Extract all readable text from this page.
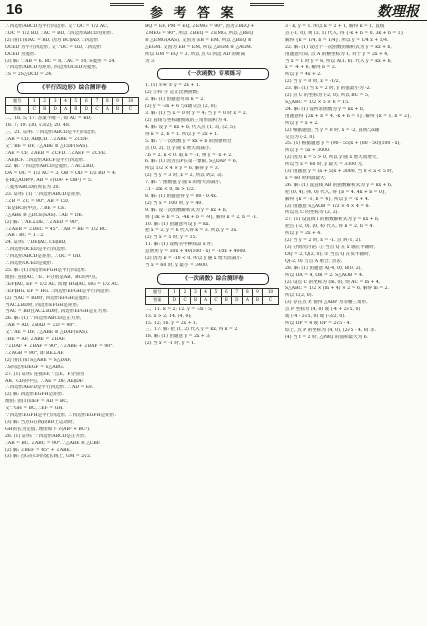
16	参 考 答 案	数理报
∴四边形ABCD为平行四边形. 又∵OC = 1/2 AC,
∴OC = 1/2 BD, ∴AC = BD, ∴四边形ABCD为矩形.
(2) 由(1)知AC = BD, 因为 BC∥AD, ∴四边形
OCED 为平行四边形, 又∵OC = OD, ∴四边形
OCED 为菱形.
(3) 解: ∵AB = 6, BC = 8, ∴AC = 10, S菱形 = 24.
∵四边形ABCD为矩形, 四边形OCED为菱形,
∴S = 2S△OCD = 24.
《平行四边形》综合测评卷
题号	1	2	3	4	5	6	7	8	9	10
答案	C	B	D	A	B	D	C	A	B	C
二、16. 5; 17. 答案不唯一, 如 AC = BD;
18. 7; 19. (30, √3/2); 20. 48.
三、21. 证明: ∵四边形ABCD是平行四边形,
∴AB = CD, AB∥CD. ∴∠ABE = ∠CDF.
又∵BE = DF, ∴△ABE ≌ △CDF(SAS).
∴AE = CF, ∠AEB = ∠CFD. ∴∠AEF = ∠CFE.
∴AE∥CF. ∴四边形AECF是平行四边形.
22. 解: ∵四边形ABCD是菱形, ∴AC⊥BD,
OA = OC = 1/2 AC = 3, OB = OD = 1/2 BD = 4.
在Rt△AOB中, AB = √(OA² + OB²) = 5.
∴菱形ABCD的周长为 20.
23. 证明: (1) ∵四边形ABCD是矩形,
∴∠B = ∠C = 90°, AB = CD.
∵E是BC的中点, ∴BE = CE.
∴△ABE ≌ △DCE(SAS). ∴AE = DE.
(2) 解: ∵AE⊥DE, ∴∠AED = 90°,
∴∠AEB = ∠DEC = 45°. ∴AB = BE = 1/2 BC.
∴AB : BC = 1 : 2.
24. 证明: ∵DE∥AC, CE∥BD,
∴四边形OCED是平行四边形.
∵四边形ABCD是矩形, ∴OC = OD.
∴四边形OCED是菱形.
25. 解: (1) 四边形EFGH是平行四边形.
理由: 连接AC, ∵E、F分别是AB、BC的中点,
∴EF∥AC, EF = 1/2 AC. 同理 HG∥AC, HG = 1/2 AC.
∴EF∥HG, EF = HG. ∴四边形EFGH是平行四边形.
(2) 当AC = BD时, 四边形EFGH是菱形;
当AC⊥BD时, 四边形EFGH是矩形;
当AC = BD且AC⊥BD时, 四边形EFGH是正方形.
26. 解: (1) ∵四边形ABCD是正方形,
∴AB = AD, ∠BAD = ∠D = 90°.
又∵AE = DF, ∴△ABE ≌ △DAF(SAS).
∴BE = AF, ∠ABE = ∠DAF.
∵∠DAF + ∠BAF = 90°, ∴∠ABE + ∠BAF = 90°.
∴∠AGB = 90°, 即 BE⊥AF.
(2) 由(1)知 S△ABE = S△DAF,
∴S四边形DEGF = S△ABG.
27. (1) 证明: 连接EF, ∵点E、F分别为
AB、CD的中点, ∴AE = DF, AE∥DF.
∴四边形AEFD是平行四边形. ∴AD = EF.
(2) 解: 四边形EGFH是矩形.
理由: 由(1)知EF = AD = BC,
又∵GH = BC, ∴EF = GH.
∵四边形EGFH是平行四边形, ∴四边形EGFH是矩形.
(3) 解: 当点G在线段BD上运动时,
GH的长为定值, 理由如下 √(AB² + BC²).
28. (1) 证明: ∵四边形ABCD是正方形,
∴AB = BC, ∠ABC = 90°. ∴△ABE ≌ △CBF.
(2) 解: ∠BEF = 45° + ∠ABE.
(3) 解: 点G在CF的延长线上, GM = 2√2.
BQ = EF, PM = EQ, ∠EMG = 90°, 因为∠BEQ +
∠MEG = 90°, 所以 ∠BEQ = ∠EMG, 所以 △BEQ
≌ △EMG(AAS), 又因为 EB = EM, 所以 △BEQ ≌
△EGM. 又因为 EB = EM, 所以 △EGM ≌ △AGM.
所以 GM = EQ = 3. 所以 点 G 到边 AD 的距离
为 3.
《一次函数》专项练习
1. (1) ①④ ② y = 2x + 1.
(2) ③和 ④ 是正比例函数;
2. 解: (1) 由题意可知 k = 2.
(2) y = -3x + 6 与x轴交点 (2, 0);
3. 解: (1) 当 x = 0 时 y = 4; 当 y = 0 时 x = 2.
(2) 直线与坐标轴围成的三角形面积为 4.
4. 解: 设 y = kx + b, 代入点 (1, 3), (2, 5),
得 k = 2, b = 1. 所以 y = 2x + 1.
5. 解: ∵一次函数 y = kx + b 的图象经过
点 (0, 2), 且 y 随 x 增大而减小,
∴b = 2, k < 0. 取 k = -1, 则 y = -x + 2.
6. 解: (1) 因为点P在第一象限, S△OAP = 6,
所以 1/2 × 4 × y = 6, 解得 y = 3.
(2) 当 y = 3 时, x = 2, 所以 P(2, 3).
7. 解: ∵函数值 y 随 x 的增大而减小,
∴1 - 2m < 0, m > 1/2.
8. 解: (1) 由题意得 y = 80 - 0.4x.
(2) 当 x = 100 时, y = 40.
9. 解: 设一次函数解析式为 y = kx + b,
则 {3k + b = 5, -4k + b = -9}, 解得 k = 2, b = -1.
10. 解: (1) 由题意可设 y = kx,
把 x = 2, y = 6 代入得 k = 3. 所以 y = 3x.
(2) 当 x = 5 时, y = 15.
11. 解: (1) 设购买甲种商品 x 件,
总费用 y = 30x + 40(100 - x) = -10x + 4000.
(2) 因为 k = -10 < 0, 所以 y 随 x 增大而减小.
当 x = 60 时, y 最小 = 3400.
《一次函数》综合测评卷
题号	1	2	3	4	5	6	7	8	9	10
答案	D	C	B	A	C	B	D	A	B	C
二、11. k = 2; 12. y = -3x - 5;
13. x > 2; 14. (4, 0);
15. 12; 16. y = 2x + 1.
三、17. 解: 把 (1, 2) 代入 y = kx, 得 k = 2.
18. 解: (1) 由题意 y = 2x + 3;
(2) 当 x = -1 时, y = 1.
3 - k, y = 1. 所以 k = 2 + 1, 解得 k = 1, 直线
点 (-1, 0), 则 (3, 1) 代入, 得 {-k + b = 0, 3k + b = 1}
解得 {k = 1/4, b = 1/4}, 所以 y = 1/4 x + 1/4.
22. 解: (1) 设这个一次函数的解析式为 y = kx + b,
由题意可知, 点 A 的横坐标为 1, 对于 y = 2x + 4,
当 x = 1 时 y = 6, 所以 A(1, 6). 代入 y = kx + b,
x = -4 + 6, 解得 b = 2.
所以 y = 4x + 2.
(2) 当 y = 0 时, x = -1/2,
23. 解: (1) 当 x = 2 时, y 的值最小为 -2.
(2) 点 C 的坐标为 (-2, 0), 所以 BC = 5,
S△ABC = 1/2 × 5 × 6 = 15.
24. 解: (1) 设所求函数为 y = kx + b,
由题意得 {2k + b = 4, -k + b = 1}, 解得 {k = 1, b = 2},
所以 y = x + 2.
(2) 根据题意, 当 y = 0 时, x = -2, 直线与x轴
交点为 (-2, 0).
25. (1) 根据题意 y = (90 - 55)x + (80 - 50)(100 - x),
所以 y = 5x + 3000.
(2) 因为 k = 5 > 0, 所以 y 随 x 增大而增大,
所以当 x = 60 时, y 最大 = 3300 元.
(3) 由题意 y = (a + 5)x + 3000, 当 0 < a < 5 时,
x = 60 时利润最大.
26. 解: (1) 设直线 AB 的函数解析式为 y = kx + b,
把 (0, 4), (4, 0) 代入, 得 {b = 4, 4k + b = 0},
解得 {k = -1, b = 4}, 所以 y = -x + 4.
(2) 由题意 S△AOB = 1/2 × 4 × 4 = 8.
所以点 C 的坐标为 (2, 2).
27. (1) 设直线 l 的函数解析式为 y = kx + b,
把点 (-2, 0), (0, 4) 代入, 得 k = 2, b = 4.
所以 y = 2x + 4.
(2) 当 y = 2 时, x = -1. 点 P(-1, 2).
(3) 分情况讨论: ① 当点 Q 在 x 轴正半轴时,
OQ = 2, Q(2, 0); ② 当点 Q 在负半轴时,
Q(-2, 0) 与点 A 重合, 舍去.
28. 解: (1) 由题意 A(-4, 0), B(0, 2),
所以 OA = 4, OB = 2. S△AOB = 4.
(2) 设点 C 的坐标为 (m, 0), 则 AC = m + 4,
S△ABC = 1/2 × (m + 4) × 2 = 6, 解得 m = 2.
所以 C(2, 0).
(3) 存在点 P, 使得 △ABP 为等腰三角形,
点 P 坐标为 (4, 0) 或 (-4 + 2√5, 0)
或 (-4 - 2√5, 0) 或 (-3/2, 0).
所以 OP = 4 或 OP = 2√5 - 4.
综上, 点 P 的坐标为 (4, 0), (2√5 - 4, 0) 等.
(4) 当 t = 2 时, △PBQ 的面积最大为 6.
